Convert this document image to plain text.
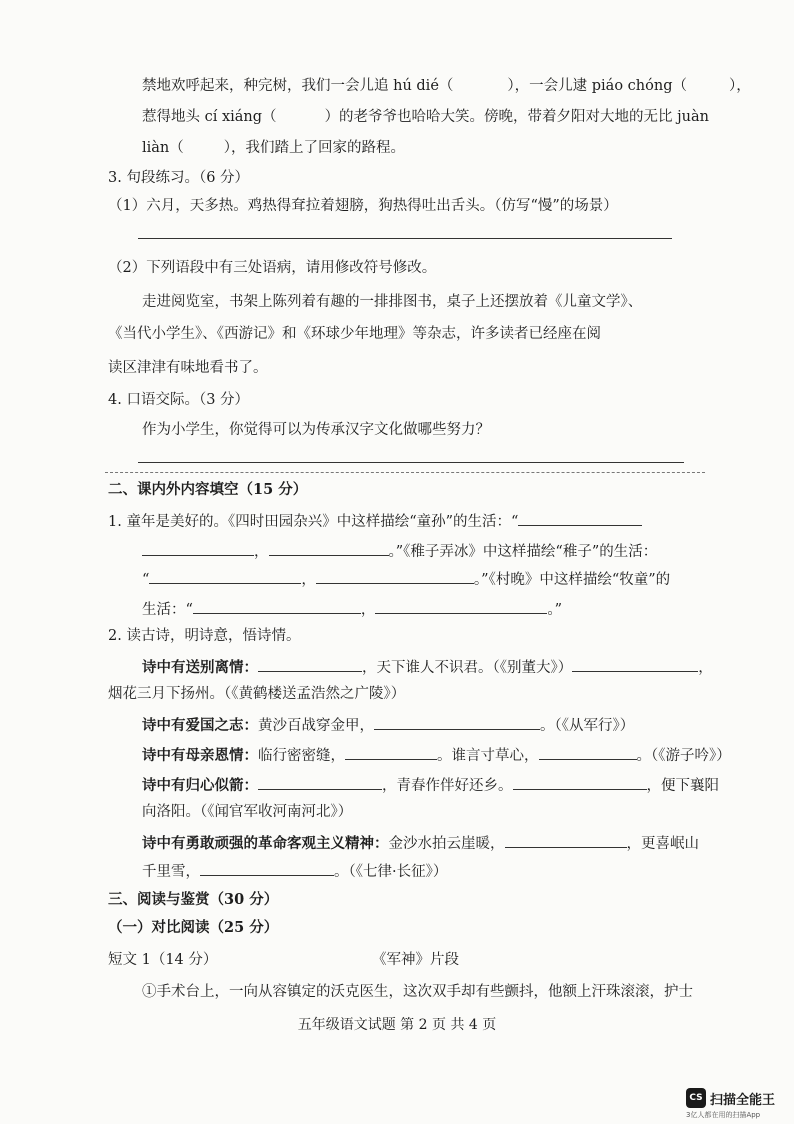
禁地欢呼起来，种完树，我们一会儿追 hú dié（	），一会儿逮 piáo chóng（	），
惹得地头 cí xiáng（	）的老爷爷也哈哈大笑。傍晚，带着夕阳对大地的无比 juàn
liàn（	），我们踏上了回家的路程。
3. 句段练习。（6 分）
（1）六月，天多热。鸡热得耷拉着翅膀，狗热得吐出舌头。（仿写“慢”的场景）
（2）下列语段中有三处语病，请用修改符号修改。
走进阅览室，书架上陈列着有趣的一排排图书，桌子上还摆放着《儿童文学》、
《当代小学生》、《西游记》和《环球少年地理》等杂志，许多读者已经座在阅
读区津津有味地看书了。
4. 口语交际。（3 分）
作为小学生，你觉得可以为传承汉字文化做哪些努力？
二、课内外内容填空（15 分）
1. 童年是美好的。《四时田园杂兴》中这样描绘“童孙”的生活：“
，	。”《稚子弄冰》中这样描绘“稚子”的生活：
“	，	。”《村晚》中这样描绘“牧童”的
生活：“	，	。”
2. 读古诗，明诗意，悟诗情。
诗中有送别离情：	，天下谁人不识君。（《别董大》）	，
烟花三月下扬州。（《黄鹤楼送孟浩然之广陵》）
诗中有爱国之志：黄沙百战穿金甲，	。（《从军行》）
诗中有母亲恩情：临行密密缝，	。谁言寸草心，	。（《游子吟》）
诗中有归心似箭：	，青春作伴好还乡。	，便下襄阳
向洛阳。（《闻官军收河南河北》）
诗中有勇敢顽强的革命客观主义精神：金沙水拍云崖暖，	，更喜岷山
千里雪，	。（《七律·长征》）
三、阅读与鉴赏（30 分）
（一）对比阅读（25 分）
短文 1（14 分）	《军神》片段
①手术台上，一向从容镇定的沃克医生，这次双手却有些颤抖，他额上汗珠滚滚，护士
五年级语文试题 第 2 页 共 4 页
CS 扫描全能王
3亿人都在用的扫描App
